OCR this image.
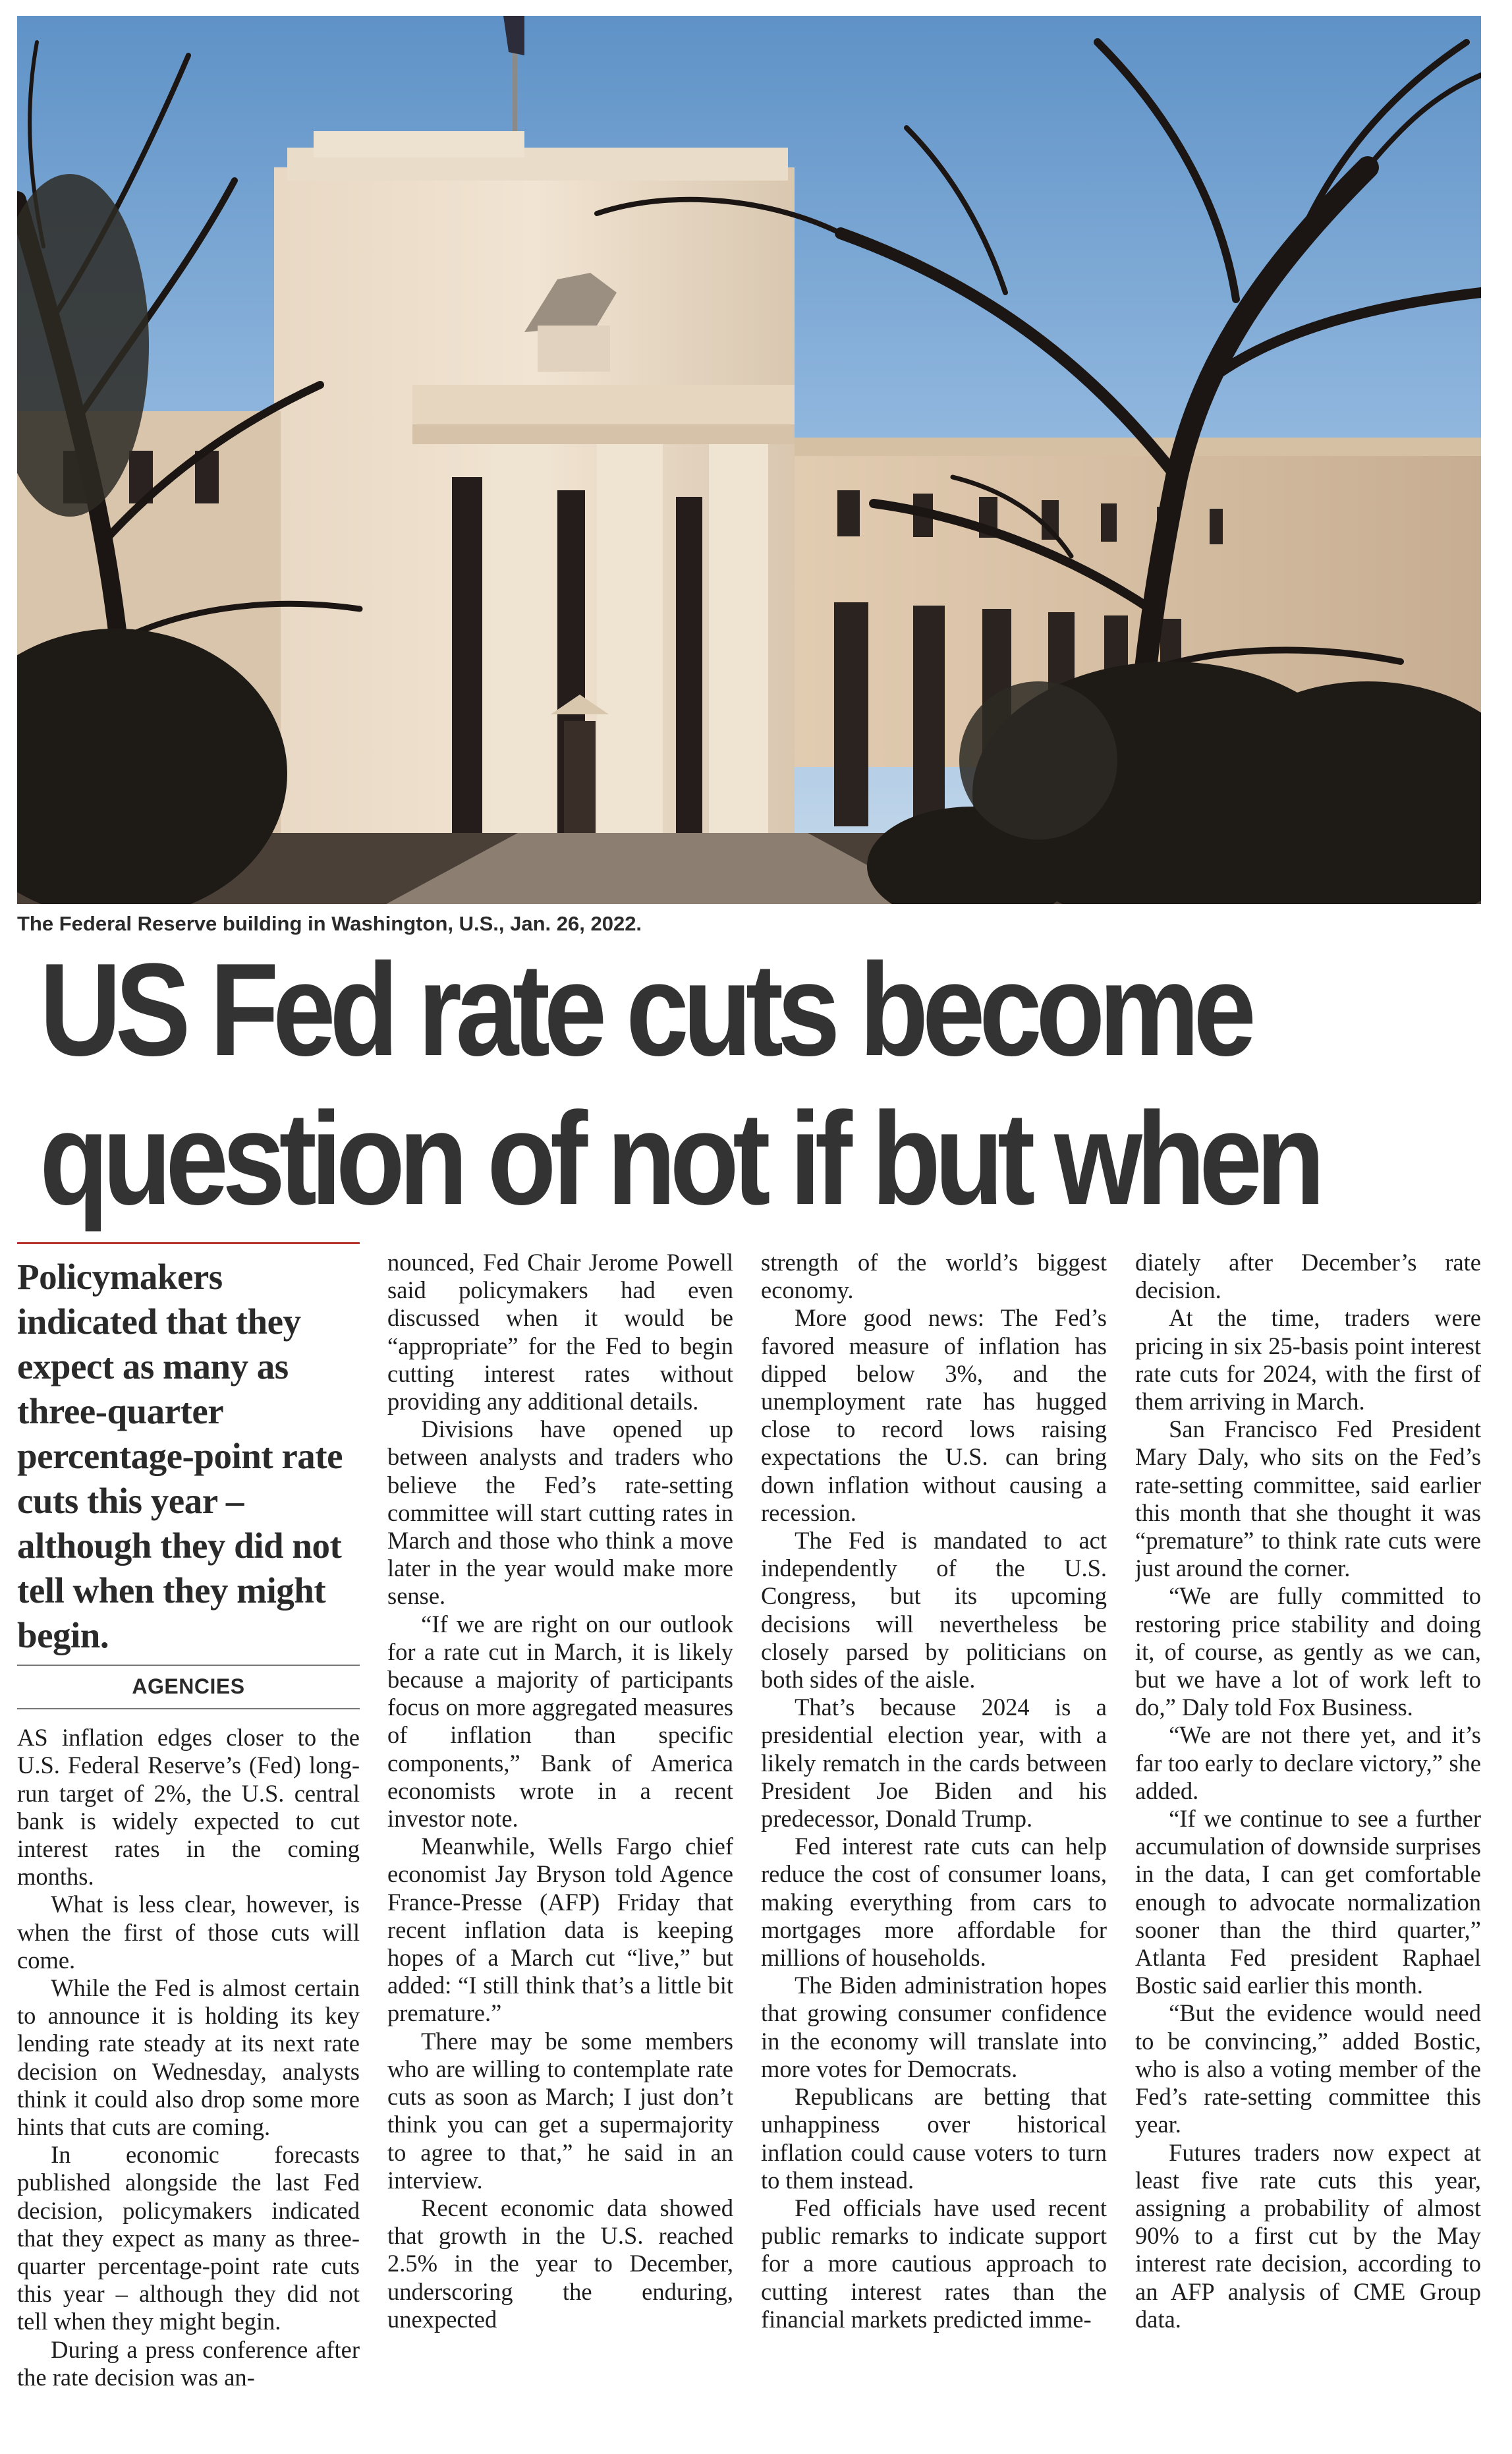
The Federal Reserve building in Washington, U.S., Jan. 26, 2022.
US Fed rate cuts become
question of not if but when
Policymakers indicated that they expect as many as three-quarter percentage-point rate cuts this year – although they did not tell when they might begin.
AGENCIES

AS inflation edges closer to the U.S. Federal Reserve’s (Fed) long-run target of 2%, the U.S. central bank is widely expected to cut interest rates in the coming months.

What is less clear, however, is when the first of those cuts will come.

While the Fed is almost certain to announce it is holding its key lending rate steady at its next rate decision on Wednesday, analysts think it could also drop some more hints that cuts are coming.

In economic forecasts published alongside the last Fed decision, policymakers indicated that they expect as many as three-quarter percentage-point rate cuts this year – although they did not tell when they might begin.

During a press conference after the rate decision was an-

nounced, Fed Chair Jerome Powell said policymakers had even discussed when it would be “appropriate” for the Fed to begin cutting interest rates without providing any additional details.

Divisions have opened up between analysts and traders who believe the Fed’s rate-setting committee will start cutting rates in March and those who think a move later in the year would make more sense.

“If we are right on our outlook for a rate cut in March, it is likely because a majority of participants focus on more aggregated measures of inflation than specific components,” Bank of America economists wrote in a recent investor note.

Meanwhile, Wells Fargo chief economist Jay Bryson told Agence France-Presse (AFP) Friday that recent inflation data is keeping hopes of a March cut “live,” but added: “I still think that’s a little bit premature.”

There may be some members who are willing to contemplate rate cuts as soon as March; I just don’t think you can get a supermajority to agree to that,” he said in an interview.

Recent economic data showed that growth in the U.S. reached 2.5% in the year to December, underscoring the enduring, unexpected

strength of the world’s biggest economy.

More good news: The Fed’s favored measure of inflation has dipped below 3%, and the unemployment rate has hugged close to record lows raising expectations the U.S. can bring down inflation without causing a recession.

The Fed is mandated to act independently of the U.S. Congress, but its upcoming decisions will nevertheless be closely parsed by politicians on both sides of the aisle.

That’s because 2024 is a presidential election year, with a likely rematch in the cards between President Joe Biden and his predecessor, Donald Trump.

Fed interest rate cuts can help reduce the cost of consumer loans, making everything from cars to mortgages more affordable for millions of households.

The Biden administration hopes that growing consumer confidence in the economy will translate into more votes for Democrats.

Republicans are betting that unhappiness over historical inflation could cause voters to turn to them instead.

Fed officials have used recent public remarks to indicate support for a more cautious approach to cutting interest rates than the financial markets predicted imme-

diately after December’s rate decision.

At the time, traders were pricing in six 25-basis point interest rate cuts for 2024, with the first of them arriving in March.

San Francisco Fed President Mary Daly, who sits on the Fed’s rate-setting committee, said earlier this month that she thought it was “premature” to think rate cuts were just around the corner.

“We are fully committed to restoring price stability and doing it, of course, as gently as we can, but we have a lot of work left to do,” Daly told Fox Business.

“We are not there yet, and it’s far too early to declare victory,” she added.

“If we continue to see a further accumulation of downside surprises in the data, I can get comfortable enough to advocate normalization sooner than the third quarter,” Atlanta Fed president Raphael Bostic said earlier this month.

“But the evidence would need to be convincing,” added Bostic, who is also a voting member of the Fed’s rate-setting committee this year.

Futures traders now expect at least five rate cuts this year, assigning a probability of almost 90% to a first cut by the May interest rate decision, according to an AFP analysis of CME Group data.
